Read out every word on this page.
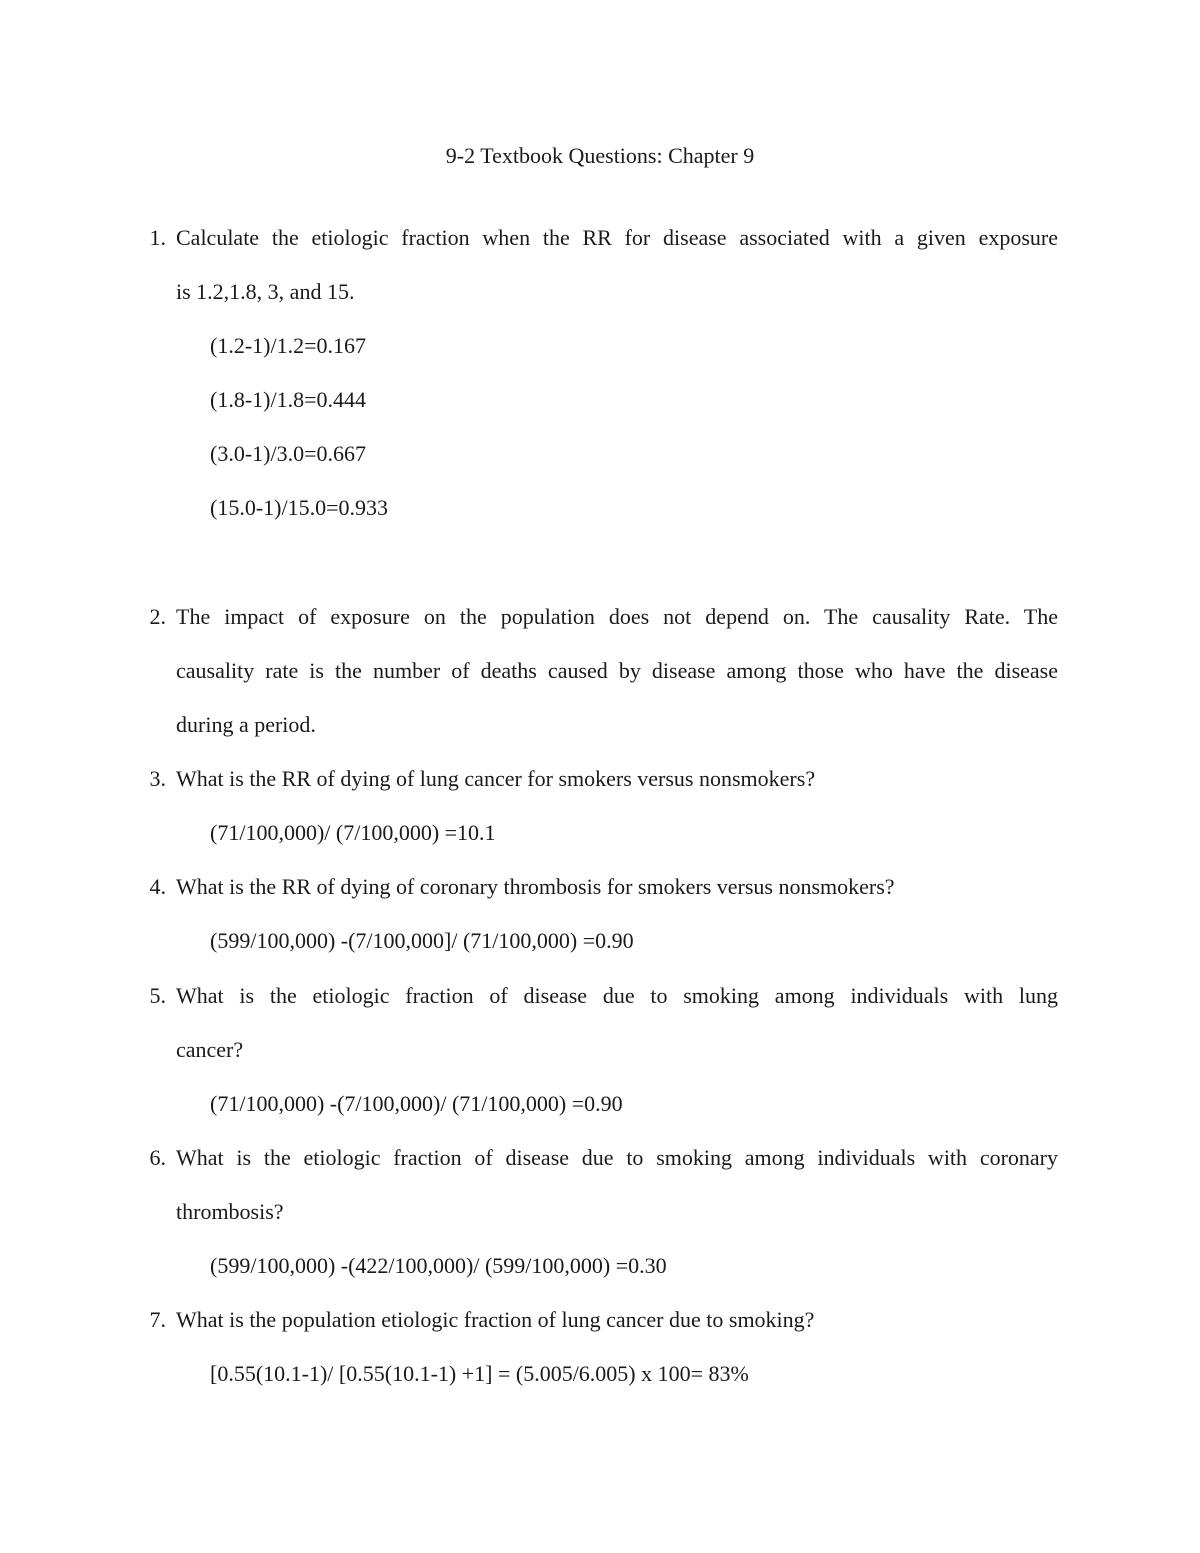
9-2 Textbook Questions: Chapter 9
1. Calculate the etiologic fraction when the RR for disease associated with a given exposure
is 1.2,1.8, 3, and 15.
(1.2-1)/1.2=0.167
(1.8-1)/1.8=0.444
(3.0-1)/3.0=0.667
(15.0-1)/15.0=0.933
2. The impact of exposure on the population does not depend on. The causality Rate. The
causality rate is the number of deaths caused by disease among those who have the disease
during a period.
3. What is the RR of dying of lung cancer for smokers versus nonsmokers?
(71/100,000)/ (7/100,000) =10.1
4. What is the RR of dying of coronary thrombosis for smokers versus nonsmokers?
(599/100,000) -(7/100,000]/ (71/100,000) =0.90
5. What is the etiologic fraction of disease due to smoking among individuals with lung
cancer?
(71/100,000) -(7/100,000)/ (71/100,000) =0.90
6. What is the etiologic fraction of disease due to smoking among individuals with coronary
thrombosis?
(599/100,000) -(422/100,000)/ (599/100,000) =0.30
7. What is the population etiologic fraction of lung cancer due to smoking?
[0.55(10.1-1)/ [0.55(10.1-1) +1] = (5.005/6.005) x 100= 83%
